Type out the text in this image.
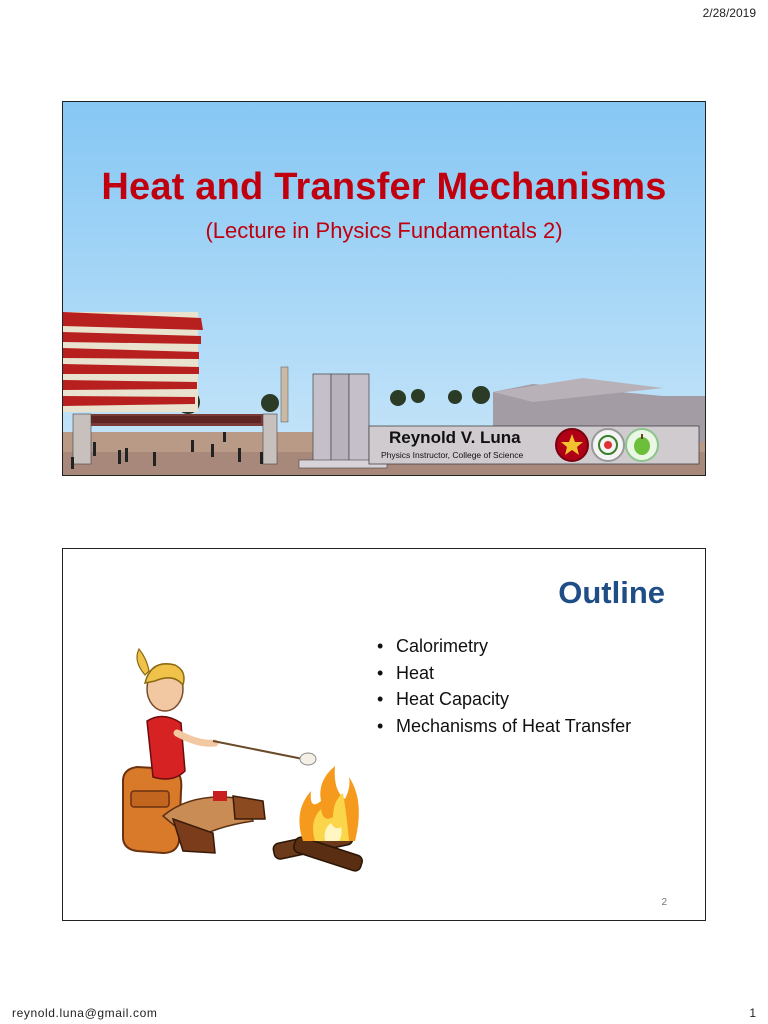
2/28/2019
Heat and Transfer Mechanisms
(Lecture in Physics Fundamentals 2)
Reynold V. Luna
Physics Instructor, College of Science
Outline
• Calorimetry
• Heat
• Heat Capacity
• Mechanisms of Heat Transfer
2
reynold.luna@gmail.com	1
